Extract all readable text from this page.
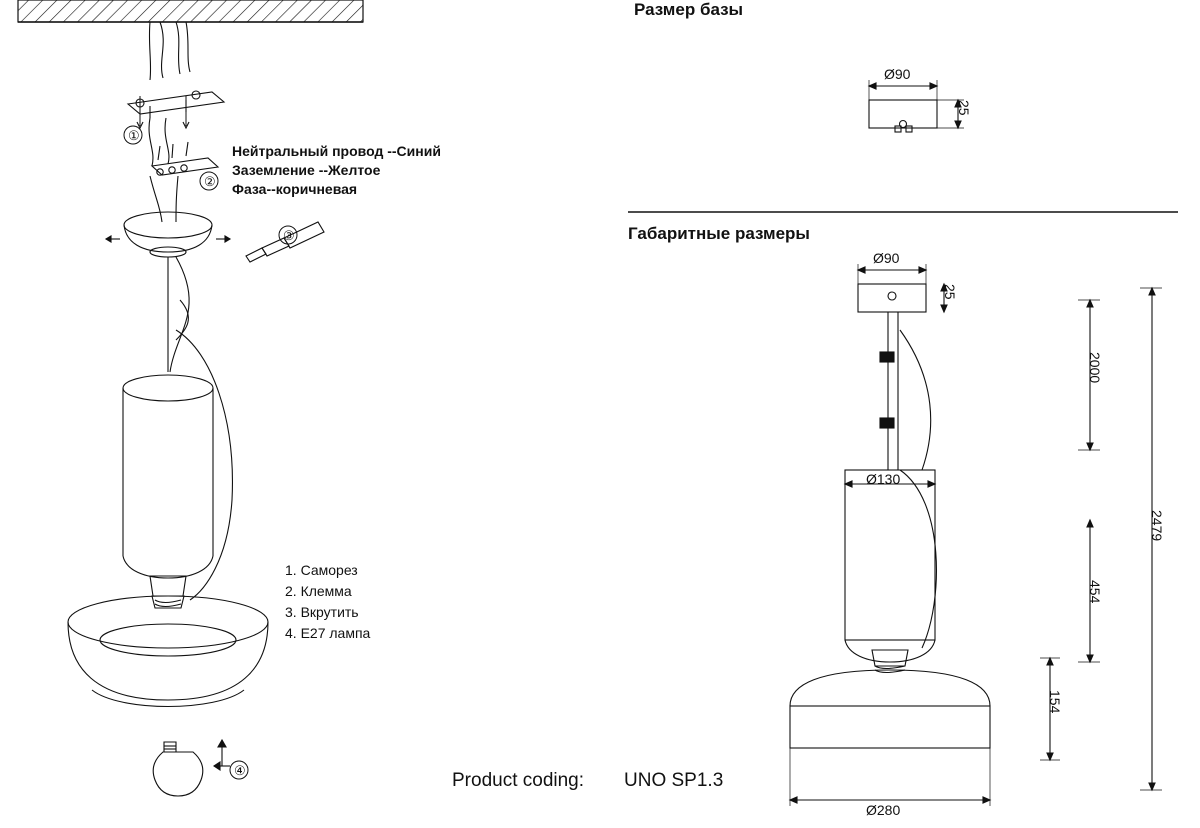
Размер базы
Габаритные размеры
Нейтральный провод --Синий
Заземление --Желтое
Фаза--коричневая
1. Саморез
2. Клемма
3. Вкрутить
4. Е27 лампа
①
②
③
④
Ø90
25
Ø90
25
Ø130
2000
454
154
2479
Ø280
Product coding: UNO SP1.3
